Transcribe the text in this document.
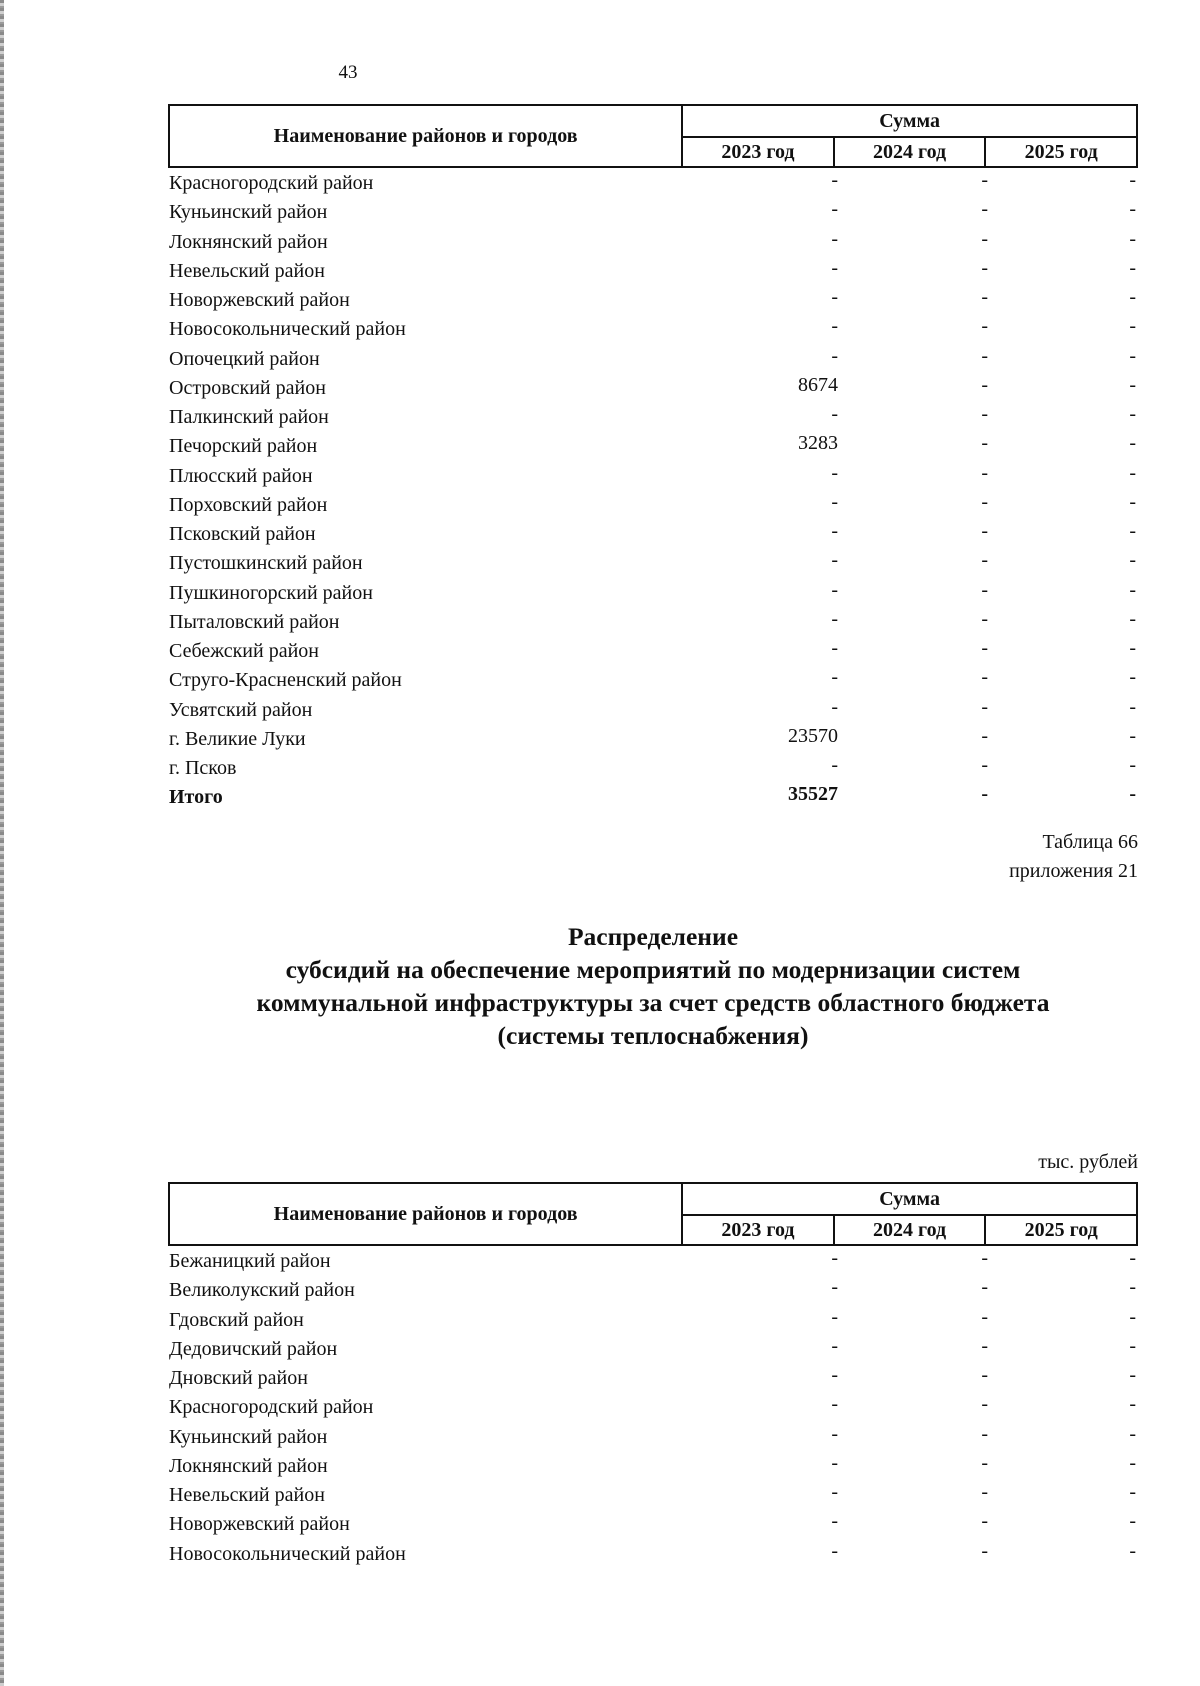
43
Наименование районов и городов	Сумма		
	2023 год	2024 год	2025 год
Красногородский район	-	-	-
Куньинский район	-	-	-
Локнянский район	-	-	-
Невельский район	-	-	-
Новоржевский район	-	-	-
Новосокольнический район	-	-	-
Опочецкий район	-	-	-
Островский район	8674	-	-
Палкинский район	-	-	-
Печорский район	3283	-	-
Плюсский район	-	-	-
Порховский район	-	-	-
Псковский район	-	-	-
Пустошкинский район	-	-	-
Пушкиногорский район	-	-	-
Пыталовский район	-	-	-
Себежский район	-	-	-
Струго-Красненский район	-	-	-
Усвятский район	-	-	-
г. Великие Луки	23570	-	-
г. Псков	-	-	-
Итого	35527	-	-
Таблица 66
приложения 21
Распределение
субсидий на обеспечение мероприятий по модернизации систем
коммунальной инфраструктуры за счет средств областного бюджета
(системы теплоснабжения)
тыс. рублей
Наименование районов и городов	Сумма		
	2023 год	2024 год	2025 год
Бежаницкий район	-	-	-
Великолукский район	-	-	-
Гдовский район	-	-	-
Дедовичский район	-	-	-
Дновский район	-	-	-
Красногородский район	-	-	-
Куньинский район	-	-	-
Локнянский район	-	-	-
Невельский район	-	-	-
Новоржевский район	-	-	-
Новосокольнический район	-	-	-
